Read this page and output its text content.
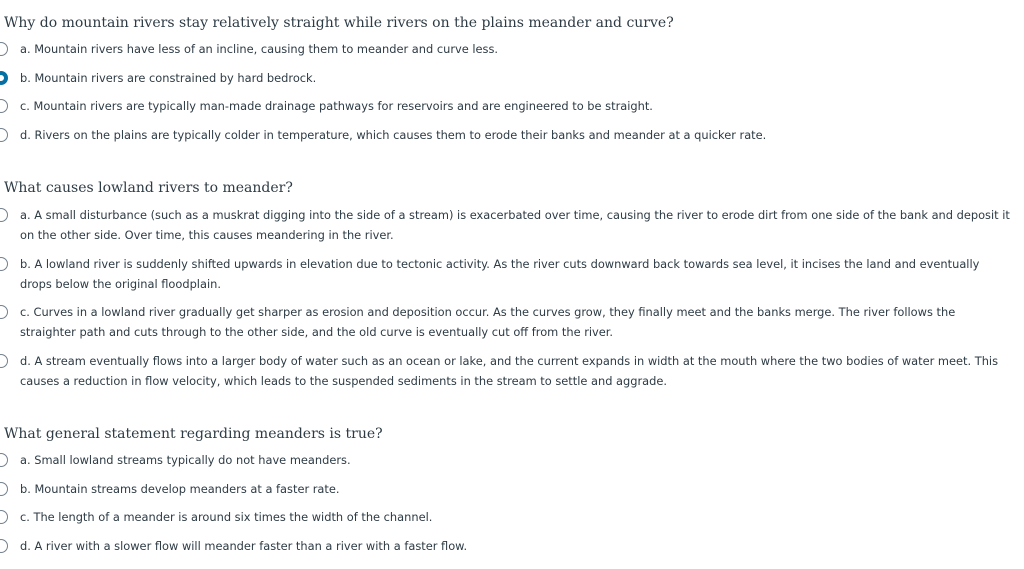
Why do mountain rivers stay relatively straight while rivers on the plains meander and curve?

a. Mountain rivers have less of an incline, causing them to meander and curve less.

b. Mountain rivers are constrained by hard bedrock.

c. Mountain rivers are typically man-made drainage pathways for reservoirs and are engineered to be straight.

d. Rivers on the plains are typically colder in temperature, which causes them to erode their banks and meander at a quicker rate.

What causes lowland rivers to meander?

a. A small disturbance (such as a muskrat digging into the side of a stream) is exacerbated over time, causing the river to erode dirt from one side of the bank and deposit it on the other side. Over time, this causes meandering in the river.

b. A lowland river is suddenly shifted upwards in elevation due to tectonic activity. As the river cuts downward back towards sea level, it incises the land and eventually drops below the original floodplain.

c. Curves in a lowland river gradually get sharper as erosion and deposition occur. As the curves grow, they finally meet and the banks merge. The river follows the straighter path and cuts through to the other side, and the old curve is eventually cut off from the river.

d. A stream eventually flows into a larger body of water such as an ocean or lake, and the current expands in width at the mouth where the two bodies of water meet. This causes a reduction in flow velocity, which leads to the suspended sediments in the stream to settle and aggrade.

What general statement regarding meanders is true?

a. Small lowland streams typically do not have meanders.

b. Mountain streams develop meanders at a faster rate.

c. The length of a meander is around six times the width of the channel.

d. A river with a slower flow will meander faster than a river with a faster flow.
